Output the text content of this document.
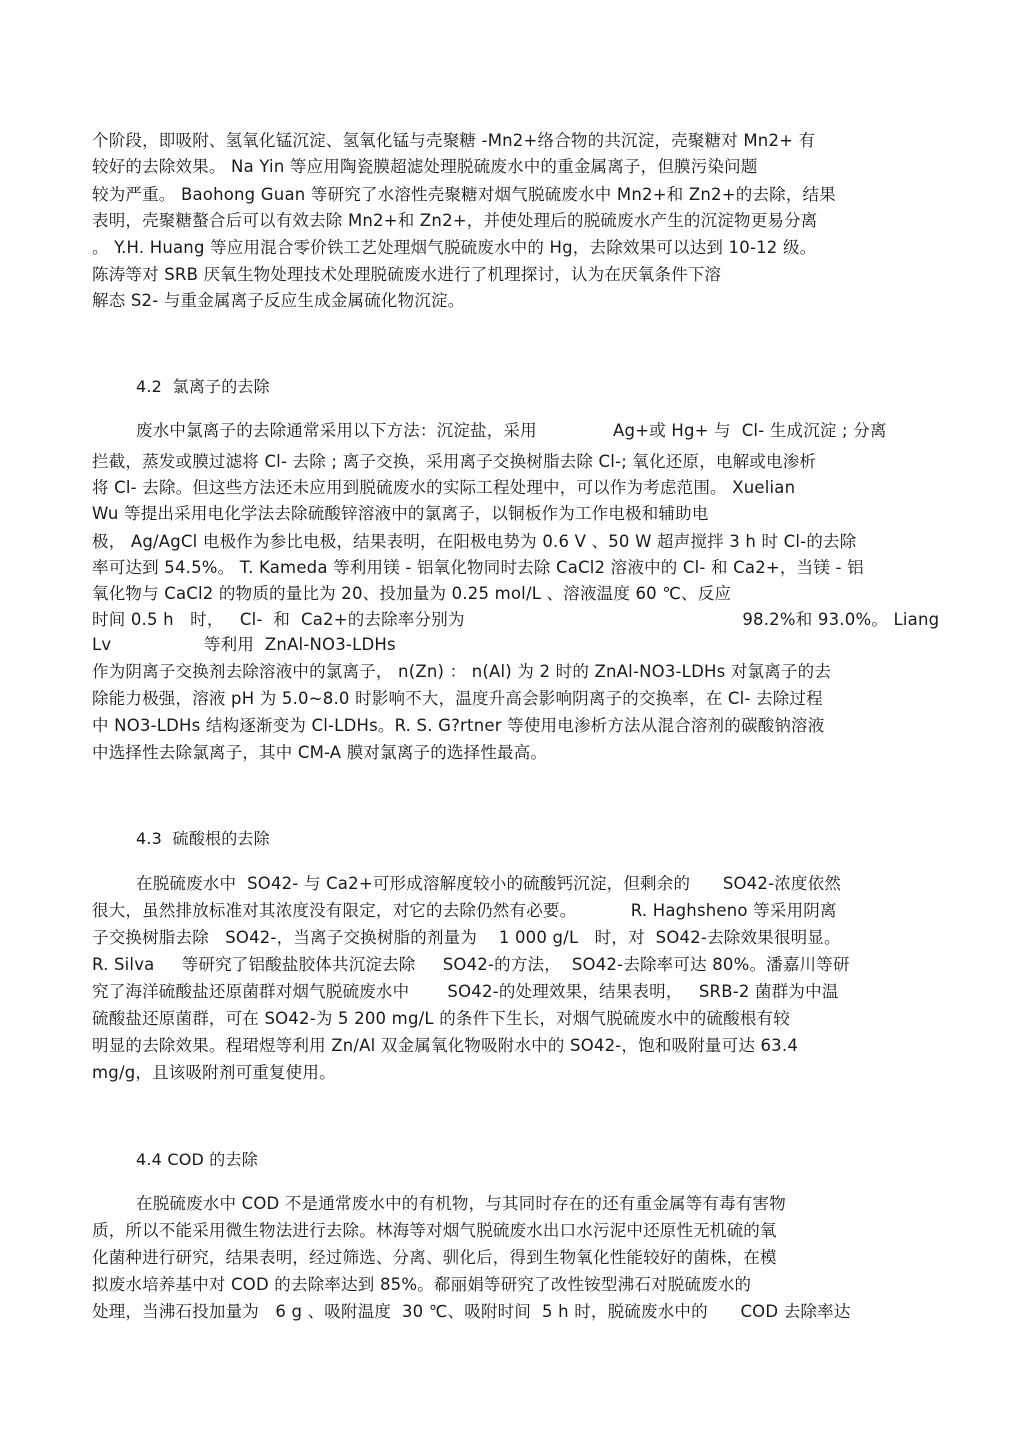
个阶段，即吸附、氢氧化锰沉淀、氢氧化锰与壳聚糖 -Mn2+络合物的共沉淀，壳聚糖对 Mn2+ 有
较好的去除效果。 Na Yin 等应用陶瓷膜超滤处理脱硫废水中的重金属离子，但膜污染问题
较为严重。 Baohong Guan 等研究了水溶性壳聚糖对烟气脱硫废水中 Mn2+和 Zn2+的去除，结果
表明，壳聚糖螯合后可以有效去除 Mn2+和 Zn2+，并使处理后的脱硫废水产生的沉淀物更易分离
。 Y.H. Huang 等应用混合零价铁工艺处理烟气脱硫废水中的 Hg，去除效果可以达到 10-12 级。
陈涛等对 SRB 厌氧生物处理技术处理脱硫废水进行了机理探讨，认为在厌氧条件下溶
解态 S2- 与重金属离子反应生成金属硫化物沉淀。
4.2  氯离子的去除
废水中氯离子的去除通常采用以下方法：沉淀盐，采用              Ag+或 Hg+ 与  Cl- 生成沉淀 ; 分离
拦截，蒸发或膜过滤将 Cl- 去除 ; 离子交换，采用离子交换树脂去除 Cl-; 氧化还原，电解或电渗析
将 Cl- 去除。但这些方法还未应用到脱硫废水的实际工程处理中，可以作为考虑范围。 Xuelian
Wu 等提出采用电化学法去除硫酸锌溶液中的氯离子，以铜板作为工作电极和辅助电
极， Ag/AgCl 电极作为参比电极，结果表明，在阳极电势为 0.6 V 、50 W 超声搅拌 3 h 时 Cl-的去除
率可达到 54.5%。 T. Kameda 等利用镁 - 铝氧化物同时去除 CaCl2 溶液中的 Cl- 和 Ca2+，当镁 - 铝
氧化物与 CaCl2 的物质的量比为 20、投加量为 0.25 mol/L 、溶液温度 60 ℃、反应
时间 0.5 h   时，   Cl-  和  Ca2+的去除率分别为                                                   98.2%和 93.0%。 Liang
Lv                 等利用  ZnAl-NO3-LDHs
作为阴离子交换剂去除溶液中的氯离子， n(Zn) ： n(Al) 为 2 时的 ZnAl-NO3-LDHs 对氯离子的去
除能力极强，溶液 pH 为 5.0~8.0 时影响不大，温度升高会影响阴离子的交换率，在 Cl- 去除过程
中 NO3-LDHs 结构逐渐变为 Cl-LDHs。R. S. G?rtner 等使用电渗析方法从混合溶剂的碳酸钠溶液
中选择性去除氯离子，其中 CM-A 膜对氯离子的选择性最高。
4.3  硫酸根的去除
在脱硫废水中  SO42- 与 Ca2+可形成溶解度较小的硫酸钙沉淀，但剩余的      SO42-浓度依然
很大，虽然排放标准对其浓度没有限定，对它的去除仍然有必要。          R. Haghsheno 等采用阴离
子交换树脂去除   SO42-，当离子交换树脂的剂量为    1 000 g/L   时，对  SO42-去除效果很明显。
R. Silva     等研究了铝酸盐胶体共沉淀去除     SO42-的方法，  SO42-去除率可达 80%。潘嘉川等研
究了海洋硫酸盐还原菌群对烟气脱硫废水中       SO42-的处理效果，结果表明，   SRB-2 菌群为中温
硫酸盐还原菌群，可在 SO42-为 5 200 mg/L 的条件下生长，对烟气脱硫废水中的硫酸根有较
明显的去除效果。程珺煜等利用 Zn/Al 双金属氧化物吸附水中的 SO42-，饱和吸附量可达 63.4
mg/g，且该吸附剂可重复使用。
4.4 COD 的去除
在脱硫废水中 COD 不是通常废水中的有机物，与其同时存在的还有重金属等有毒有害物
质，所以不能采用微生物法进行去除。林海等对烟气脱硫废水出口水污泥中还原性无机硫的氧
化菌种进行研究，结果表明，经过筛选、分离、驯化后，得到生物氧化性能较好的菌株，在模
拟废水培养基中对 COD 的去除率达到 85%。郗丽娟等研究了改性铵型沸石对脱硫废水的
处理，当沸石投加量为   6 g 、吸附温度  30 ℃、吸附时间  5 h 时，脱硫废水中的      COD 去除率达
